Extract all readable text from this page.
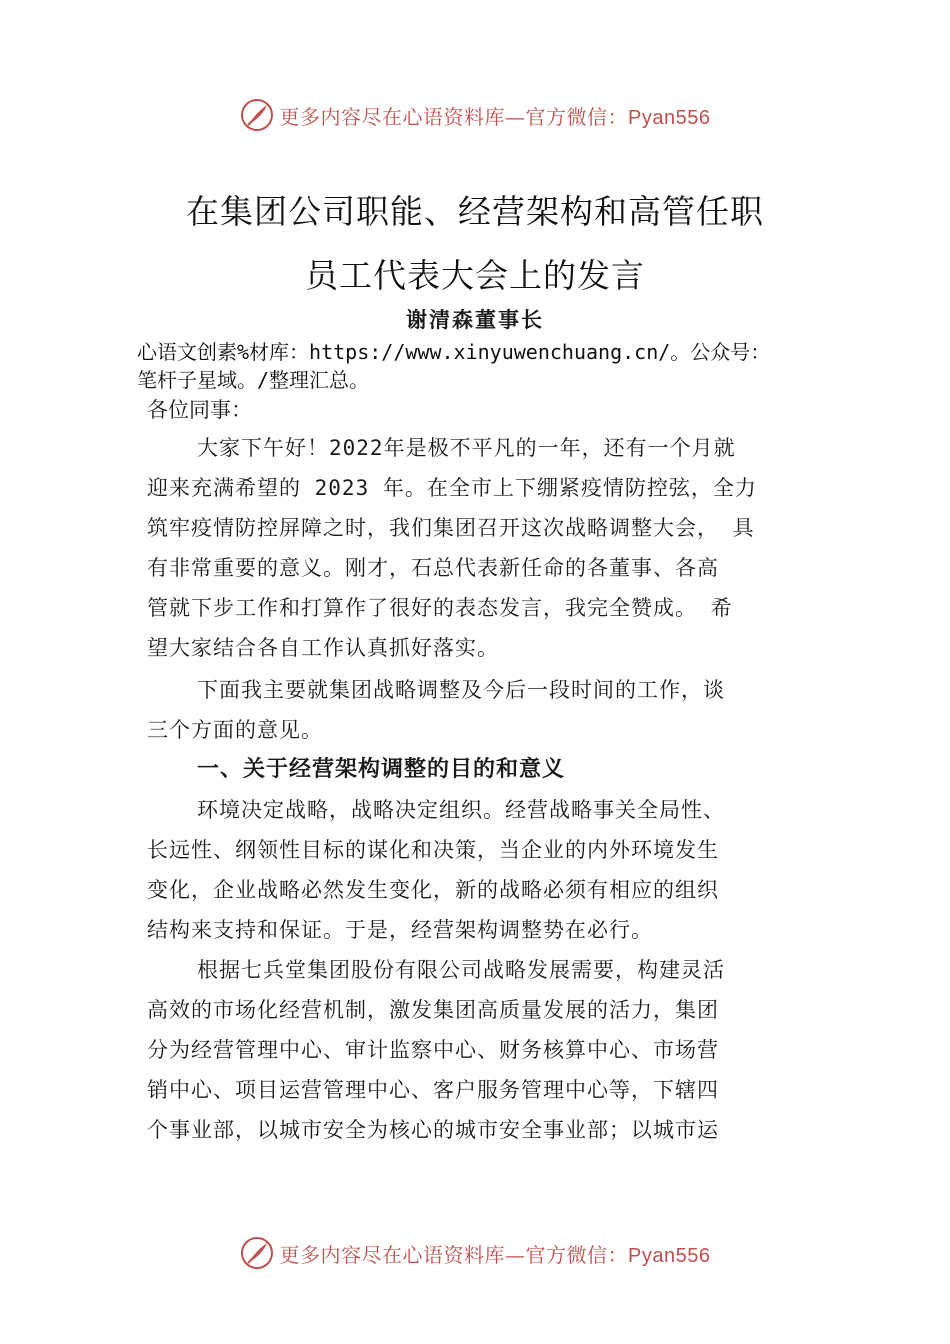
更多内容尽在心语资料库—官方微信：Pyan556
在集团公司职能、经营架构和高管任职
员工代表大会上的发言
谢清森董事长
心语文创素%材库：https://www.xinyuwenchuang.cn/。公众号：
笔杆子星域。/整理汇总。
各位同事：
大家下午好！2022年是极不平凡的一年，还有一个月就
迎来充满希望的 2023 年。在全市上下绷紧疫情防控弦，全力
筑牢疫情防控屏障之时，我们集团召开这次战略调整大会， 具
有非常重要的意义。刚才，石总代表新任命的各董事、各高
管就下步工作和打算作了很好的表态发言，我完全赞成。 希
望大家结合各自工作认真抓好落实。
下面我主要就集团战略调整及今后一段时间的工作，谈
三个方面的意见。
一、关于经营架构调整的目的和意义
环境决定战略，战略决定组织。经营战略事关全局性、
长远性、纲领性目标的谋化和决策，当企业的内外环境发生
变化，企业战略必然发生变化，新的战略必须有相应的组织
结构来支持和保证。于是，经营架构调整势在必行。
根据七兵堂集团股份有限公司战略发展需要，构建灵活
高效的市场化经营机制，激发集团高质量发展的活力，集团
分为经营管理中心、审计监察中心、财务核算中心、市场营
销中心、项目运营管理中心、客户服务管理中心等，下辖四
个事业部，以城市安全为核心的城市安全事业部；以城市运
更多内容尽在心语资料库—官方微信：Pyan556
